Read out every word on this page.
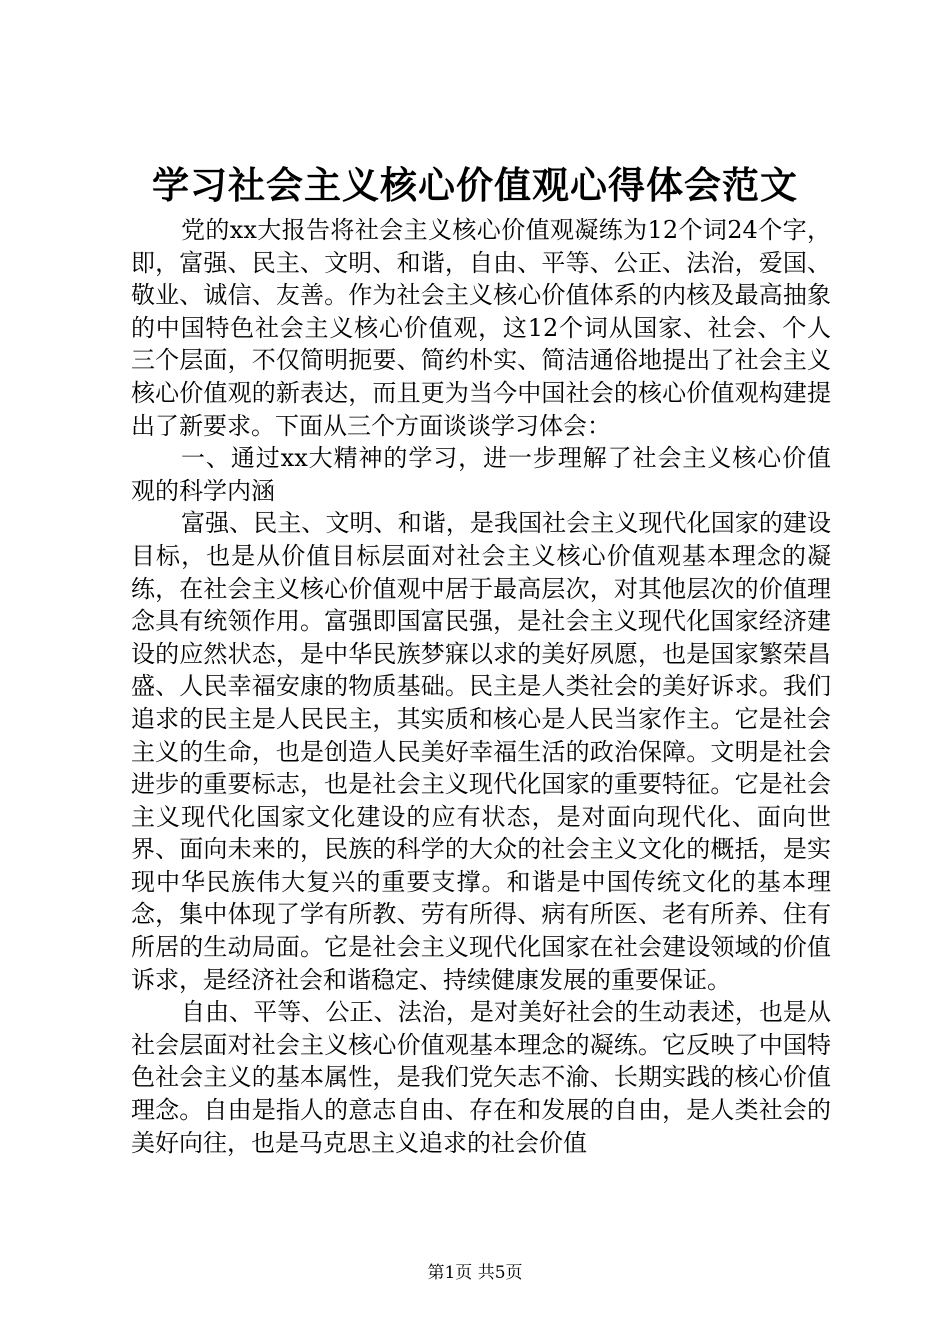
学习社会主义核心价值观心得体会范文

党的xx大报告将社会主义核心价值观凝练为12个词24个字，即，富强、民主、文明、和谐，自由、平等、公正、法治，爱国、敬业、诚信、友善。作为社会主义核心价值体系的内核及最高抽象的中国特色社会主义核心价值观，这12个词从国家、社会、个人三个层面，不仅简明扼要、简约朴实、简洁通俗地提出了社会主义核心价值观的新表达，而且更为当今中国社会的核心价值观构建提出了新要求。下面从三个方面谈谈学习体会：

一、通过xx大精神的学习，进一步理解了社会主义核心价值观的科学内涵

富强、民主、文明、和谐，是我国社会主义现代化国家的建设目标，也是从价值目标层面对社会主义核心价值观基本理念的凝练，在社会主义核心价值观中居于最高层次，对其他层次的价值理念具有统领作用。富强即国富民强，是社会主义现代化国家经济建设的应然状态，是中华民族梦寐以求的美好夙愿，也是国家繁荣昌盛、人民幸福安康的物质基础。民主是人类社会的美好诉求。我们追求的民主是人民民主，其实质和核心是人民当家作主。它是社会主义的生命，也是创造人民美好幸福生活的政治保障。文明是社会进步的重要标志，也是社会主义现代化国家的重要特征。它是社会主义现代化国家文化建设的应有状态，是对面向现代化、面向世界、面向未来的，民族的科学的大众的社会主义文化的概括，是实现中华民族伟大复兴的重要支撑。和谐是中国传统文化的基本理念，集中体现了学有所教、劳有所得、病有所医、老有所养、住有所居的生动局面。它是社会主义现代化国家在社会建设领域的价值诉求，是经济社会和谐稳定、持续健康发展的重要保证。

自由、平等、公正、法治，是对美好社会的生动表述，也是从社会层面对社会主义核心价值观基本理念的凝练。它反映了中国特色社会主义的基本属性，是我们党矢志不渝、长期实践的核心价值理念。自由是指人的意志自由、存在和发展的自由，是人类社会的美好向往，也是马克思主义追求的社会价值

第1页 共5页
